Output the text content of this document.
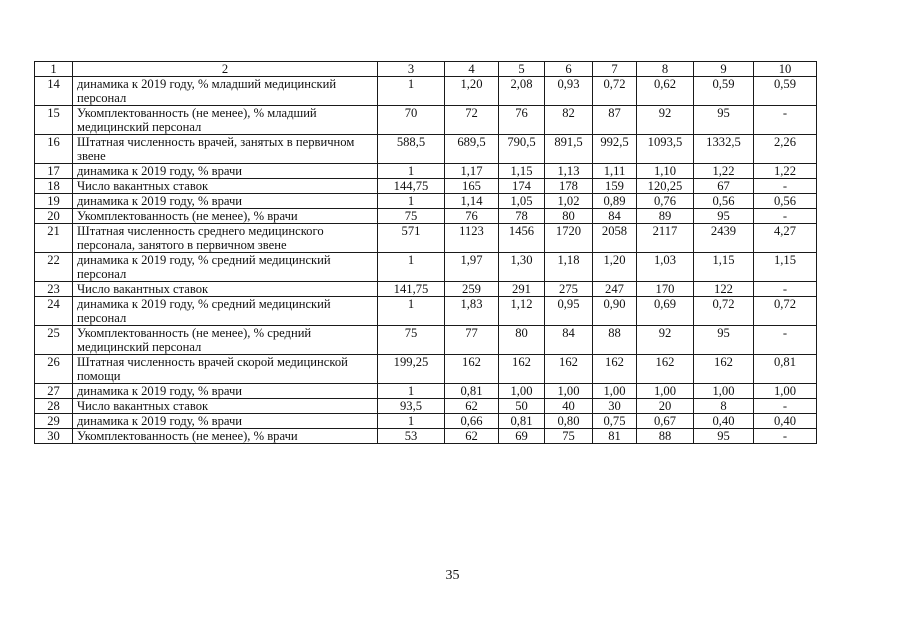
1	2	3	4	5	6	7	8	9	10
14	динамика к 2019 году, % младший медицинский персонал	1	1,20	2,08	0,93	0,72	0,62	0,59	0,59
15	Укомплектованность (не менее), % младший медицинский персонал	70	72	76	82	87	92	95	-
16	Штатная численность врачей, занятых в первичном звене	588,5	689,5	790,5	891,5	992,5	1093,5	1332,5	2,26
17	динамика к 2019 году, % врачи	1	1,17	1,15	1,13	1,11	1,10	1,22	1,22
18	Число вакантных ставок	144,75	165	174	178	159	120,25	67	-
19	динамика к 2019 году, % врачи	1	1,14	1,05	1,02	0,89	0,76	0,56	0,56
20	Укомплектованность (не менее), % врачи	75	76	78	80	84	89	95	-
21	Штатная численность среднего медицинского персонала, занятого в первичном звене	571	1123	1456	1720	2058	2117	2439	4,27
22	динамика к 2019 году, % средний медицинский персонал	1	1,97	1,30	1,18	1,20	1,03	1,15	1,15
23	Число вакантных ставок	141,75	259	291	275	247	170	122	-
24	динамика к 2019 году, % средний медицинский персонал	1	1,83	1,12	0,95	0,90	0,69	0,72	0,72
25	Укомплектованность (не менее), % средний медицинский персонал	75	77	80	84	88	92	95	-
26	Штатная численность врачей скорой медицинской помощи	199,25	162	162	162	162	162	162	0,81
27	динамика к 2019 году, % врачи	1	0,81	1,00	1,00	1,00	1,00	1,00	1,00
28	Число вакантных ставок	93,5	62	50	40	30	20	8	-
29	динамика к 2019 году, % врачи	1	0,66	0,81	0,80	0,75	0,67	0,40	0,40
30	Укомплектованность (не менее), % врачи	53	62	69	75	81	88	95	-
35
